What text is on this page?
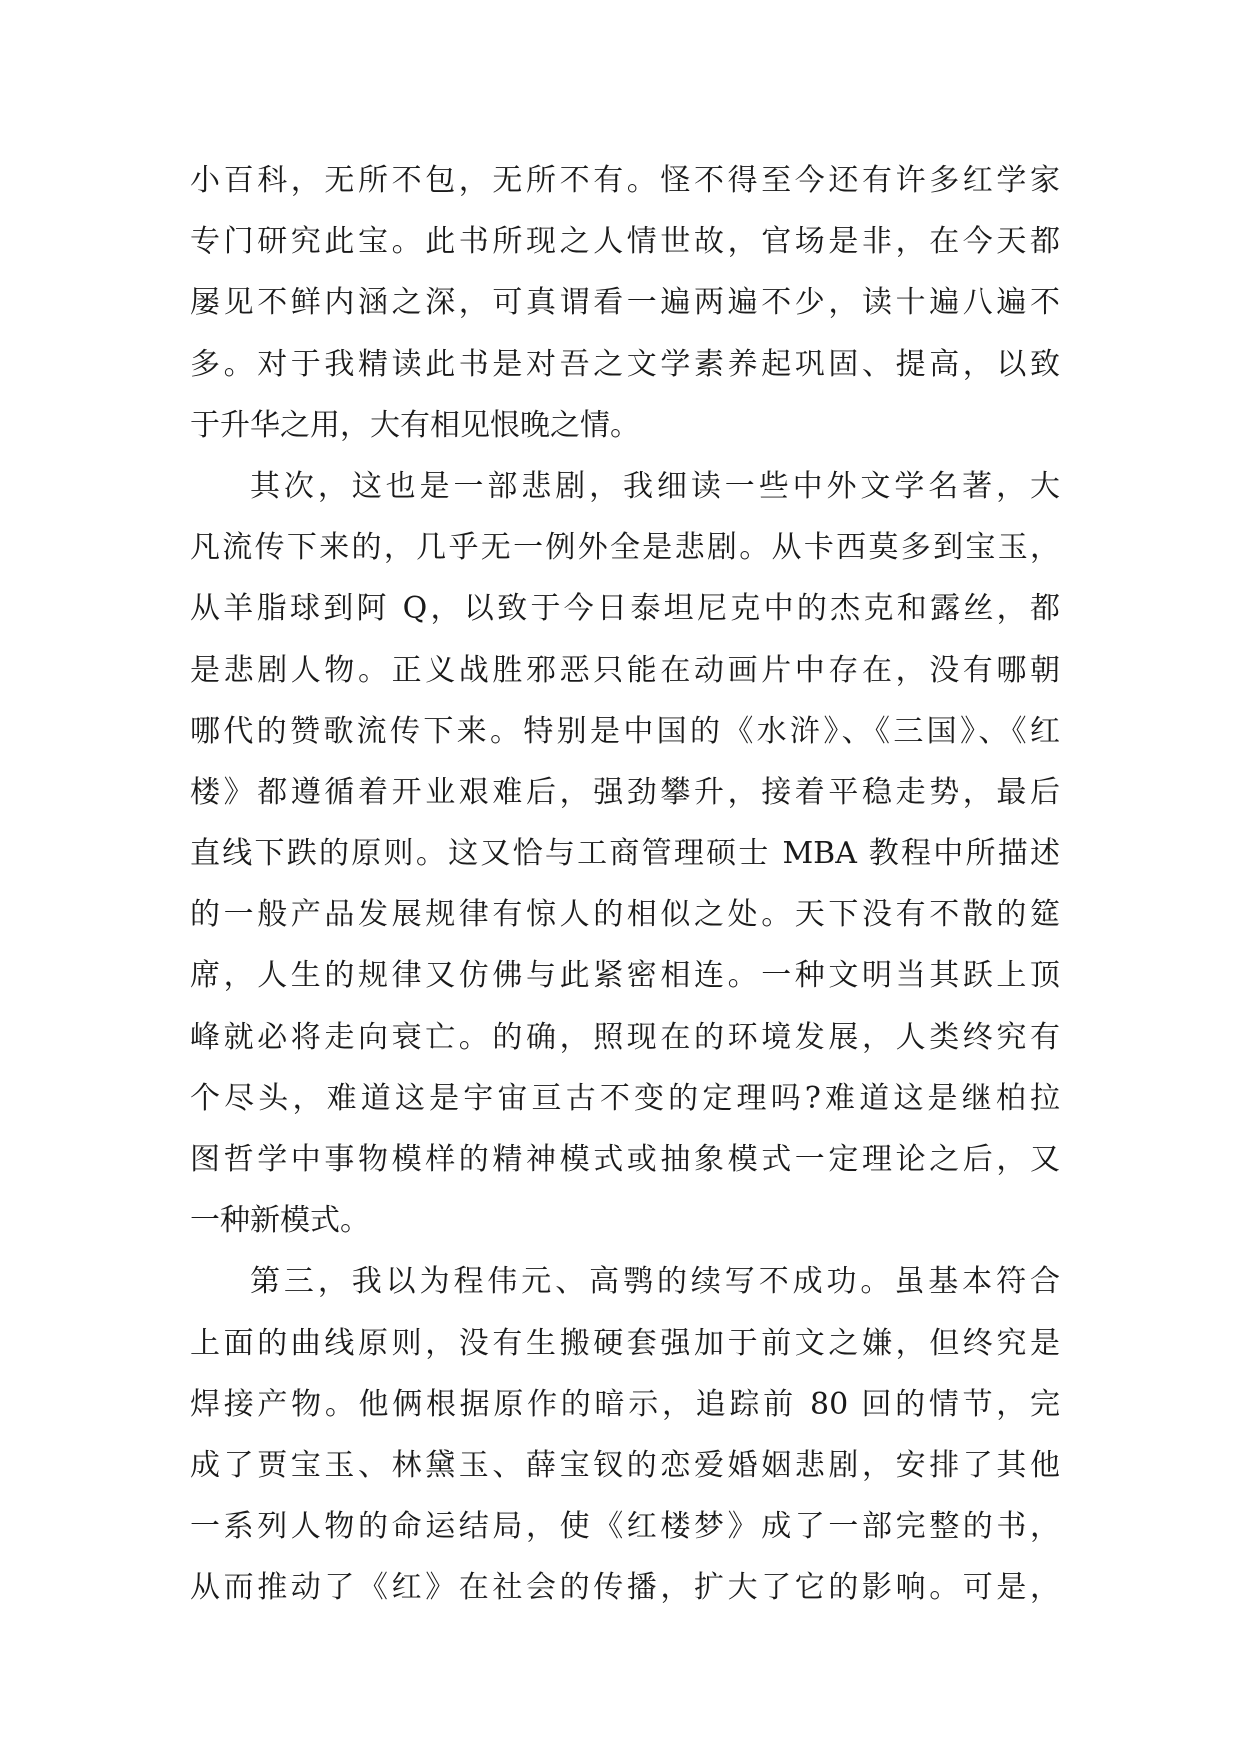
小百科，无所不包，无所不有。怪不得至今还有许多红学家
专门研究此宝。此书所现之人情世故，官场是非，在今天都
屡见不鲜内涵之深，可真谓看一遍两遍不少，读十遍八遍不
多。对于我精读此书是对吾之文学素养起巩固、提高，以致
于升华之用，大有相见恨晚之情。
其次，这也是一部悲剧，我细读一些中外文学名著，大
凡流传下来的，几乎无一例外全是悲剧。从卡西莫多到宝玉，
从羊脂球到阿 Q，以致于今日泰坦尼克中的杰克和露丝，都
是悲剧人物。正义战胜邪恶只能在动画片中存在，没有哪朝
哪代的赞歌流传下来。特别是中国的《水浒》、《三国》、《红
楼》都遵循着开业艰难后，强劲攀升，接着平稳走势，最后
直线下跌的原则。这又恰与工商管理硕士 MBA 教程中所描述
的一般产品发展规律有惊人的相似之处。天下没有不散的筵
席，人生的规律又仿佛与此紧密相连。一种文明当其跃上顶
峰就必将走向衰亡。的确，照现在的环境发展，人类终究有
个尽头，难道这是宇宙亘古不变的定理吗?难道这是继柏拉
图哲学中事物模样的精神模式或抽象模式一定理论之后，又
一种新模式。
第三，我以为程伟元、高鹗的续写不成功。虽基本符合
上面的曲线原则，没有生搬硬套强加于前文之嫌，但终究是
焊接产物。他俩根据原作的暗示，追踪前 80 回的情节，完
成了贾宝玉、林黛玉、薛宝钗的恋爱婚姻悲剧，安排了其他
一系列人物的命运结局，使《红楼梦》成了一部完整的书，
从而推动了《红》在社会的传播，扩大了它的影响。可是，
